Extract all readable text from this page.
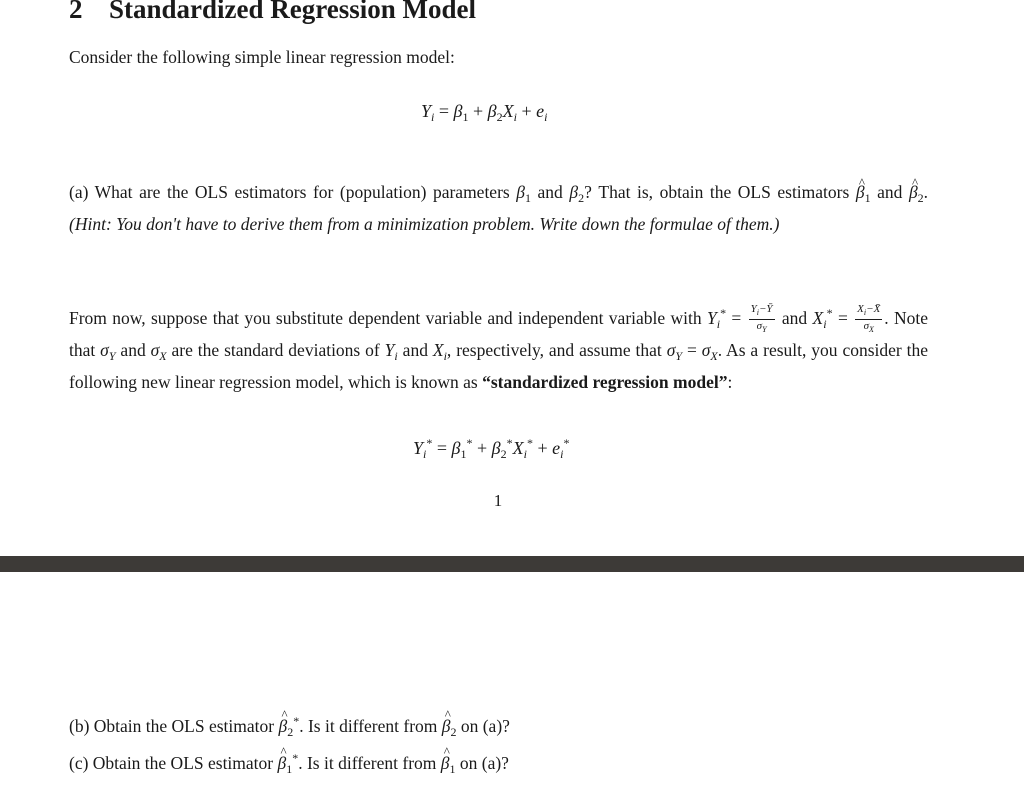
2 Standardized Regression Model

Consider the following simple linear regression model:

$Y_i = \beta_1 + \beta_2X_i + e_i$

(a) What are the OLS estimators for (population) parameters $\beta_1$ and $\beta_2$? That is, obtain the OLS estimators ^ $\beta_1$ and ^ $\beta_2$. (Hint: You don't have to derive them from a minimization problem. Write down the formulae of them.)

From now, suppose that you substitute dependent variable and independent variable with $Y_i^* = \frac{Y_i-Ȳ}{\sigma_Y}$ and $X_i^* = \frac{X_i-X̄}{\sigma_X}$ . Note that $\sigma_Y$ and $\sigma_X$ are the standard deviations of $Y_i$ and $X_i$, respectively, and assume that $\sigma_Y = \sigma_X$. As a result, you consider the following new linear regression model, which is known as “standardized regression model”:

$Y_i^* = \beta_1^* + \beta_2^*X_i^* + e_i^*$
1
(b) Obtain the OLS estimator ^ $\beta_2^*$. Is it different from ^ $\beta_2$ on (a)?
(c) Obtain the OLS estimator ^ $\beta_1^*$. Is it different from ^ $\beta_1$ on (a)?
